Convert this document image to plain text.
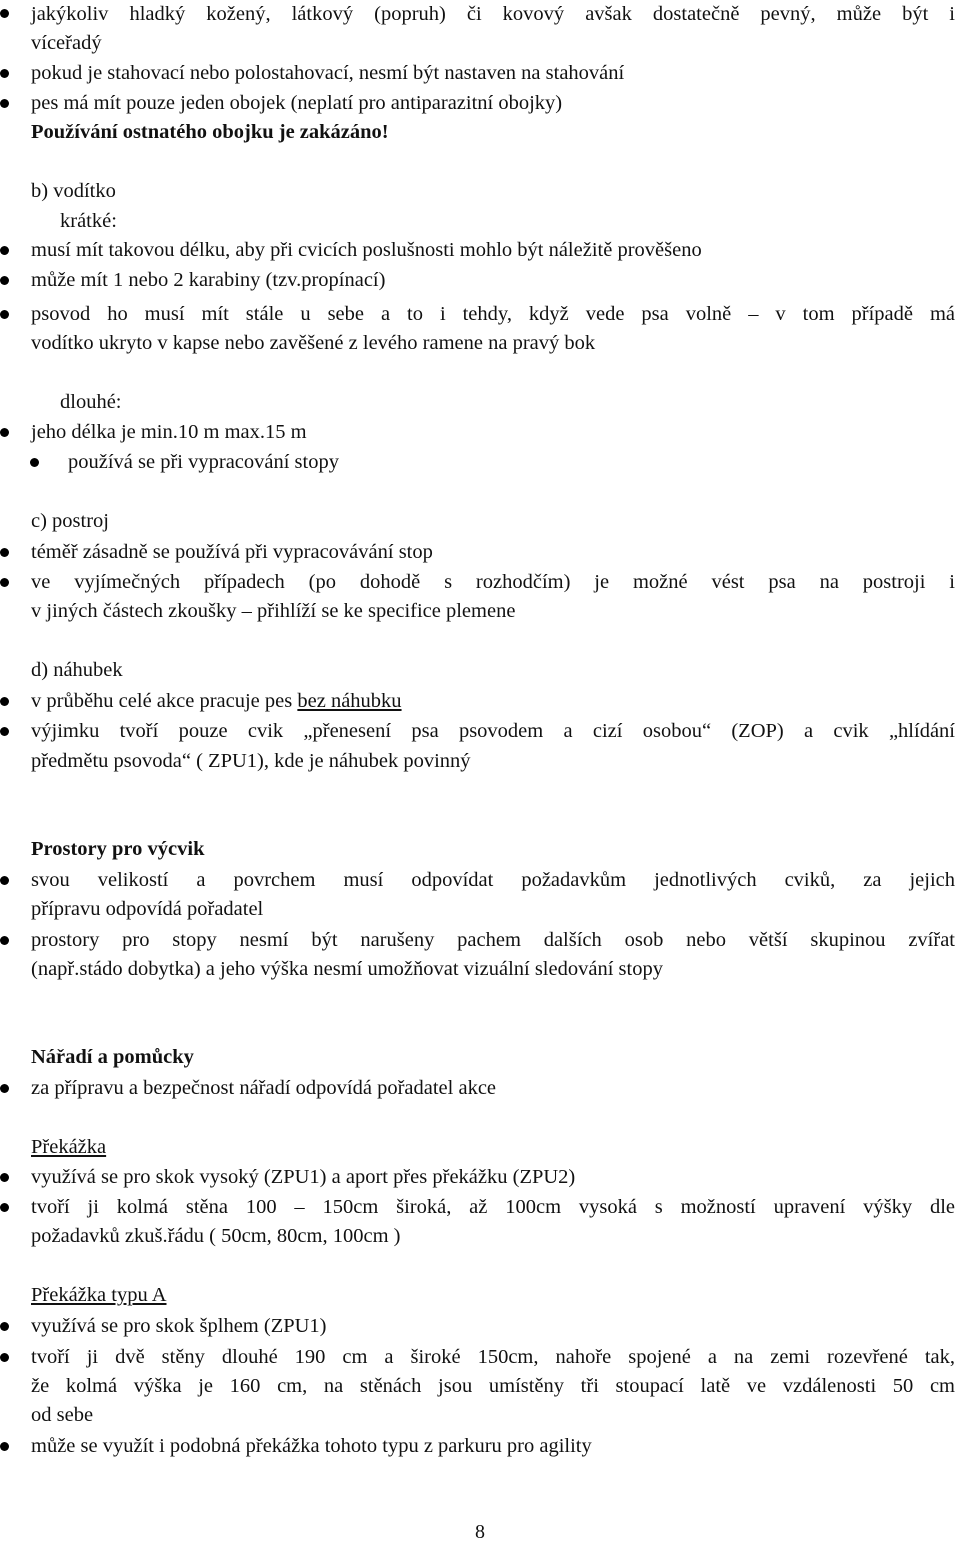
jakýkoliv hladký kožený, látkový (popruh) či kovový avšak dostatečně pevný, může být i

víceřadý

pokud je stahovací nebo polostahovací, nesmí být nastaven na stahování

pes má mít pouze jeden obojek (neplatí pro antiparazitní obojky)

Používání ostnatého obojku je zakázáno!

b) vodítko

krátké:

musí mít takovou délku, aby při cvicích poslušnosti mohlo být náležitě prověšeno

může mít 1 nebo 2 karabiny (tzv.propínací)

psovod ho musí mít stále u sebe a to i tehdy, když vede psa volně – v tom případě má

vodítko ukryto v kapse nebo zavěšené z levého ramene na pravý bok

dlouhé:

jeho délka je min.10 m max.15 m

používá se při vypracování stopy

c) postroj

téměř zásadně se používá při vypracovávání stop

ve vyjímečných případech (po dohodě s rozhodčím) je možné vést psa na postroji i

v jiných částech zkoušky – přihlíží se ke specifice plemene

d) náhubek

v průběhu celé akce pracuje pes bez náhubku

výjimku tvoří pouze cvik „přenesení psa psovodem a cizí osobou“ (ZOP) a cvik „hlídání

předmětu psovoda“ ( ZPU1), kde je náhubek povinný

Prostory pro výcvik

svou velikostí a povrchem musí odpovídat požadavkům jednotlivých cviků, za jejich

přípravu odpovídá pořadatel

prostory pro stopy nesmí být narušeny pachem dalších osob nebo větší skupinou zvířat

(např.stádo dobytka) a jeho výška nesmí umožňovat vizuální sledování stopy

Nářadí a pomůcky

za přípravu a bezpečnost nářadí odpovídá pořadatel akce

Překážka

využívá se pro skok vysoký (ZPU1) a aport přes překážku (ZPU2)

tvoří ji kolmá stěna 100 – 150cm široká, až 100cm vysoká s možností upravení výšky dle

požadavků zkuš.řádu ( 50cm, 80cm, 100cm )

Překážka typu A

využívá se pro skok šplhem (ZPU1)

tvoří ji dvě stěny dlouhé 190 cm a široké 150cm, nahoře spojené a na zemi rozevřené tak,

že kolmá výška je 160 cm, na stěnách jsou umístěny tři stoupací latě ve vzdálenosti 50 cm

od sebe

může se využít i podobná překážka tohoto typu z parkuru pro agility

8
